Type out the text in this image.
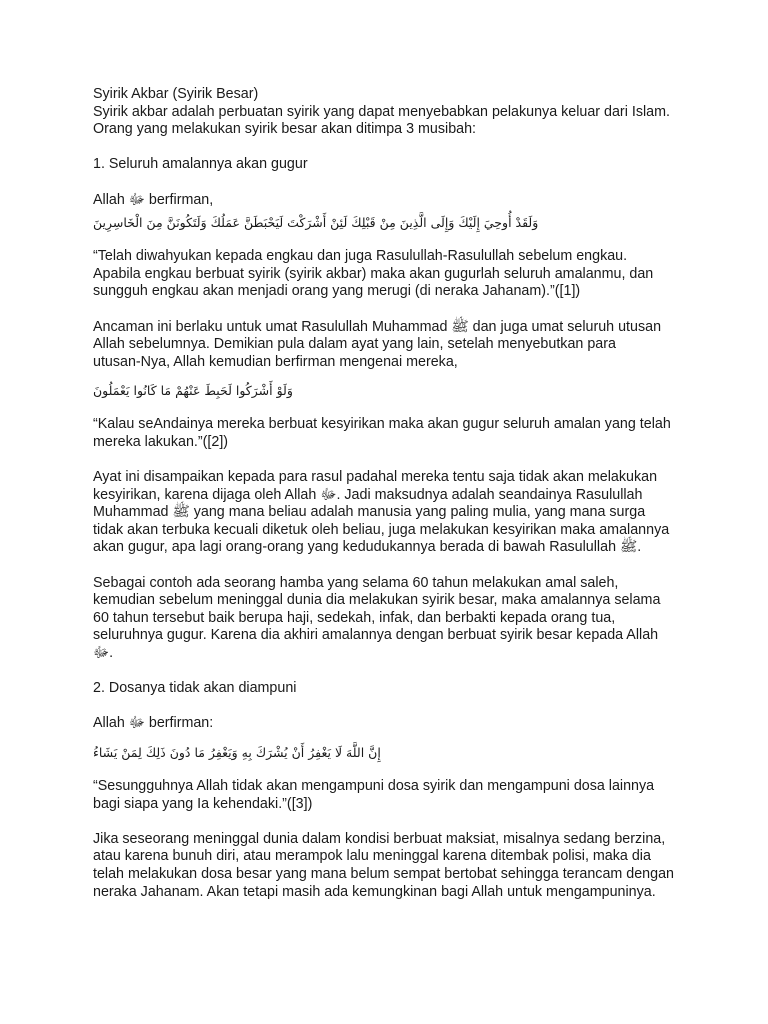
Syirik Akbar (Syirik Besar)

Syirik akbar adalah perbuatan syirik yang dapat menyebabkan pelakunya keluar dari Islam.

Orang yang melakukan syirik besar akan ditimpa 3 musibah:

1. Seluruh amalannya akan gugur

Allah ﷻ berfirman,

وَلَقَدْ أُوحِيَ إِلَيْكَ وَإِلَى الَّذِينَ مِنْ قَبْلِكَ لَئِنْ أَشْرَكْتَ لَيَحْبَطَنَّ عَمَلُكَ وَلَتَكُونَنَّ مِنَ الْخَاسِرِينَ

“Telah diwahyukan kepada engkau dan juga Rasulullah-Rasulullah sebelum engkau.

Apabila engkau berbuat syirik (syirik akbar) maka akan gugurlah seluruh amalanmu, dan

sungguh engkau akan menjadi orang yang merugi (di neraka Jahanam).”([1])

Ancaman ini berlaku untuk umat Rasulullah Muhammad ﷺ dan juga umat seluruh utusan

Allah sebelumnya. Demikian pula dalam ayat yang lain, setelah menyebutkan para

utusan-Nya, Allah kemudian berfirman mengenai mereka,

وَلَوْ أَشْرَكُوا لَحَبِطَ عَنْهُمْ مَا كَانُوا يَعْمَلُونَ

“Kalau seAndainya mereka berbuat kesyirikan maka akan gugur seluruh amalan yang telah

mereka lakukan.”([2])

Ayat ini disampaikan kepada para rasul padahal mereka tentu saja tidak akan melakukan

kesyirikan, karena dijaga oleh Allah ﷻ. Jadi maksudnya adalah seandainya Rasulullah

Muhammad ﷺ yang mana beliau adalah manusia yang paling mulia, yang mana surga

tidak akan terbuka kecuali diketuk oleh beliau, juga melakukan kesyirikan maka amalannya

akan gugur, apa lagi orang-orang yang kedudukannya berada di bawah Rasulullah ﷺ.

Sebagai contoh ada seorang hamba yang selama 60 tahun melakukan amal saleh,

kemudian sebelum meninggal dunia dia melakukan syirik besar, maka amalannya selama

60 tahun tersebut baik berupa haji, sedekah, infak, dan berbakti kepada orang tua,

seluruhnya gugur. Karena dia akhiri amalannya dengan berbuat syirik besar kepada Allah

ﷻ.

2. Dosanya tidak akan diampuni

Allah ﷻ berfirman:

إِنَّ اللَّهَ لَا يَغْفِرُ أَنْ يُشْرَكَ بِهِ وَيَغْفِرُ مَا دُونَ ذَلِكَ لِمَنْ يَشَاءُ

“Sesungguhnya Allah tidak akan mengampuni dosa syirik dan mengampuni dosa lainnya

bagi siapa yang Ia kehendaki.”([3])

Jika seseorang meninggal dunia dalam kondisi berbuat maksiat, misalnya sedang berzina,

atau karena bunuh diri, atau merampok lalu meninggal karena ditembak polisi, maka dia

telah melakukan dosa besar yang mana belum sempat bertobat sehingga terancam dengan

neraka Jahanam. Akan tetapi masih ada kemungkinan bagi Allah untuk mengampuninya.
